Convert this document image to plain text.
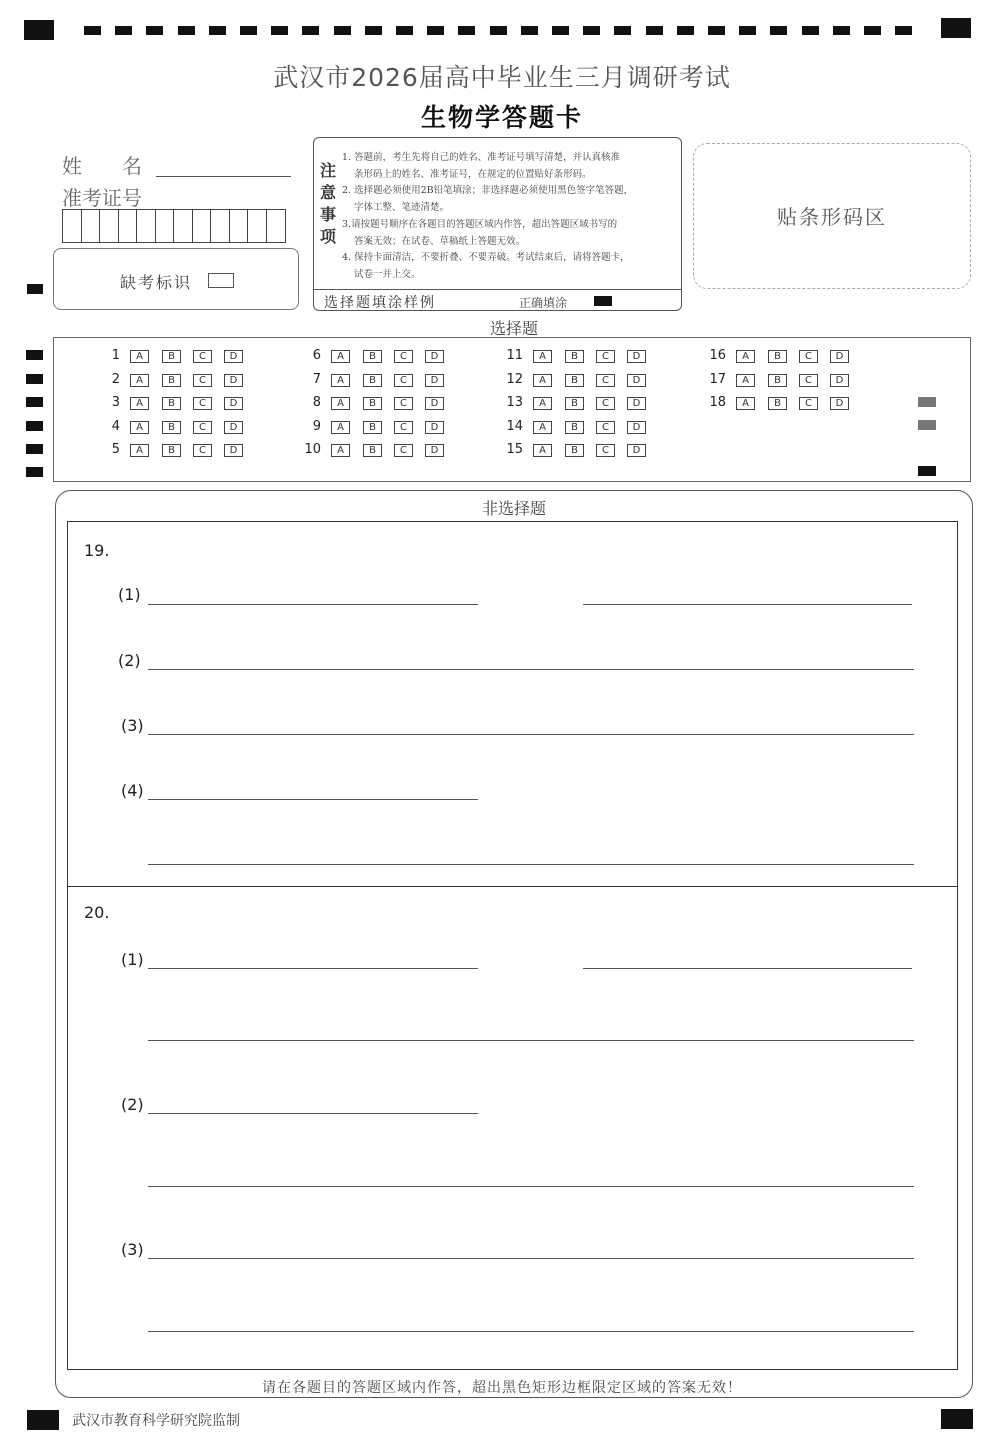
武汉市2026届高中毕业生三月调研考试
生物学答题卡
姓　　名
准考证号
缺考标识
注意事项
1. 答题前，考生先将自己的姓名、准考证号填写清楚，并认真核准
条形码上的姓名、准考证号，在规定的位置贴好条形码。
2. 选择题必须使用2B铅笔填涂；非选择题必须使用黑色签字笔答题，
字体工整、笔迹清楚。
3.请按题号顺序在各题目的答题区域内作答，超出答题区域书写的
答案无效；在试卷、草稿纸上答题无效。
4. 保持卡面清洁，不要折叠、不要弄破。考试结束后，请将答题卡，
试卷一并上交。
选择题填涂样例	正确填涂
贴条形码区
选择题
1	A	B	C	D
2	A	B	C	D
3	A	B	C	D
4	A	B	C	D
5	A	B	C	D
6	A	B	C	D
7	A	B	C	D
8	A	B	C	D
9	A	B	C	D
10	A	B	C	D
11	A	B	C	D
12	A	B	C	D
13	A	B	C	D
14	A	B	C	D
15	A	B	C	D
16	A	B	C	D
17	A	B	C	D
18	A	B	C	D
非选择题
19.
(1)
(2)
(3)
(4)
20.
(1)
(2)
(3)
请在各题目的答题区域内作答，超出黑色矩形边框限定区域的答案无效！
武汉市教育科学研究院监制
